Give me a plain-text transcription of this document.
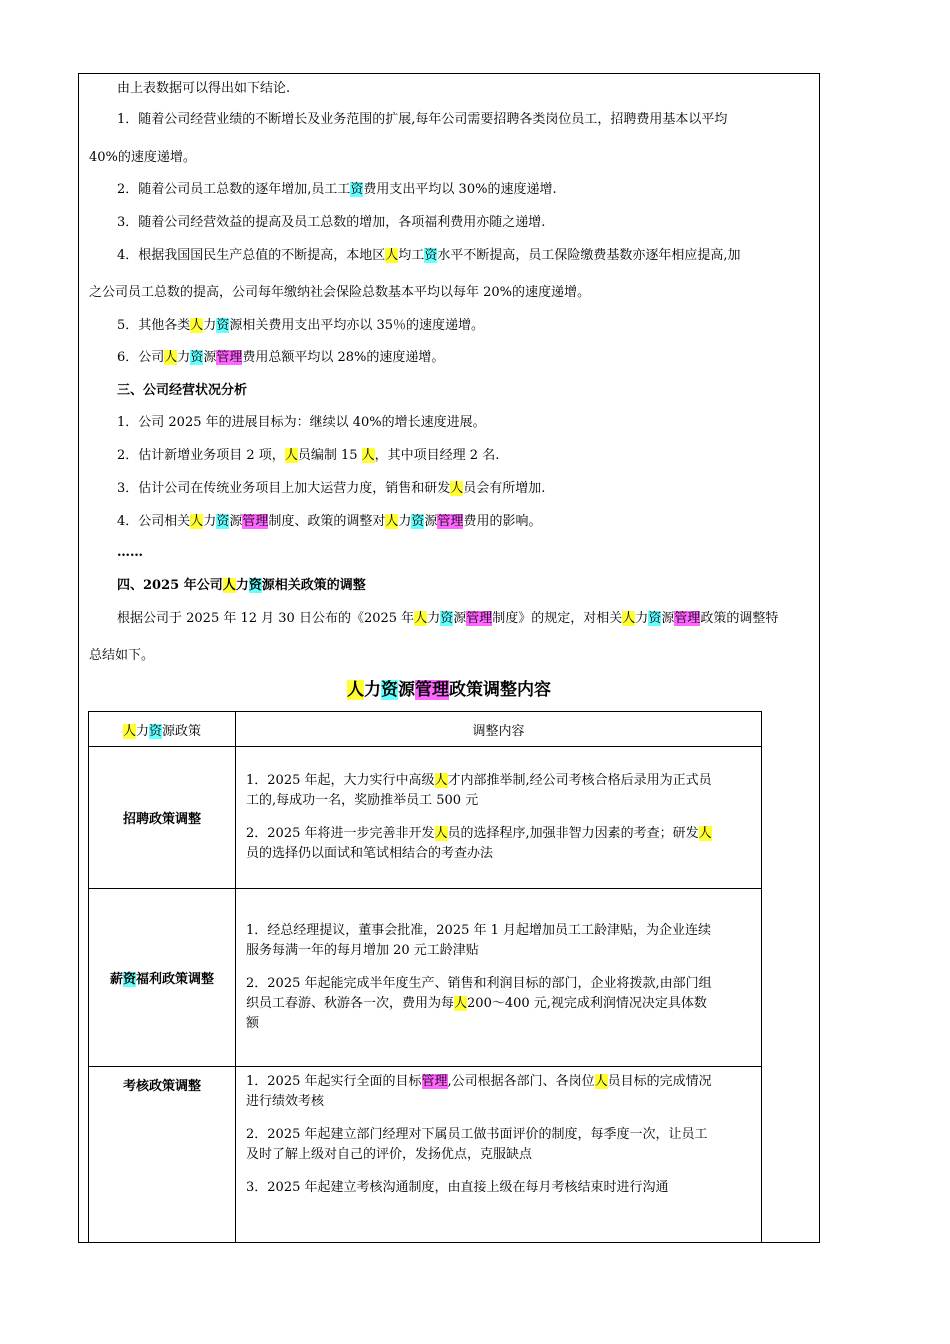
由上表数据可以得出如下结论.
1．随着公司经营业绩的不断增长及业务范围的扩展,每年公司需要招聘各类岗位员工，招聘费用基本以平均
40%的速度递增。
2．随着公司员工总数的逐年增加,员工工资费用支出平均以 30%的速度递增.
3．随着公司经营效益的提高及员工总数的增加，各项福利费用亦随之递增.
4．根据我国国民生产总值的不断提高，本地区人均工资水平不断提高，员工保险缴费基数亦逐年相应提高,加
之公司员工总数的提高，公司每年缴纳社会保险总数基本平均以每年 20%的速度递增。
5．其他各类人力资源相关费用支出平均亦以 35％的速度递增。
6．公司人力资源管理费用总额平均以 28%的速度递增。
三、公司经营状况分析
1．公司 2025 年的进展目标为：继续以 40%的增长速度进展。
2．估计新增业务项目 2 项，人员编制 15 人，其中项目经理 2 名.
3．估计公司在传统业务项目上加大运营力度，销售和研发人员会有所增加.
4．公司相关人力资源管理制度、政策的调整对人力资源管理费用的影响。
……
四、2025 年公司人力资源相关政策的调整
根据公司于 2025 年 12 月 30 日公布的《2025 年人力资源管理制度》的规定，对相关人力资源管理政策的调整特
总结如下。
人力资源管理政策调整内容
人力资源政策	调整内容
招聘政策调整	1．2025 年起，大力实行中高级人才内部推举制,经公司考核合格后录用为正式员
工的,每成功一名，奖励推举员工 500 元
2．2025 年将进一步完善非开发人员的选择程序,加强非智力因素的考查；研发人
员的选择仍以面试和笔试相结合的考查办法

薪资福利政策调整	1．经总经理提议，董事会批准，2025 年 1 月起增加员工工龄津贴，为企业连续
服务每满一年的每月增加 20 元工龄津贴
2．2025 年起能完成半年度生产、销售和利润目标的部门，企业将拨款,由部门组
织员工春游、秋游各一次，费用为每人200～400 元,视完成利润情况决定具体数
额

考核政策调整	1．2025 年起实行全面的目标管理,公司根据各部门、各岗位人员目标的完成情况
进行绩效考核
2．2025 年起建立部门经理对下属员工做书面评价的制度，每季度一次，让员工
及时了解上级对自己的评价，发扬优点，克服缺点
3．2025 年起建立考核沟通制度，由直接上级在每月考核结束时进行沟通
